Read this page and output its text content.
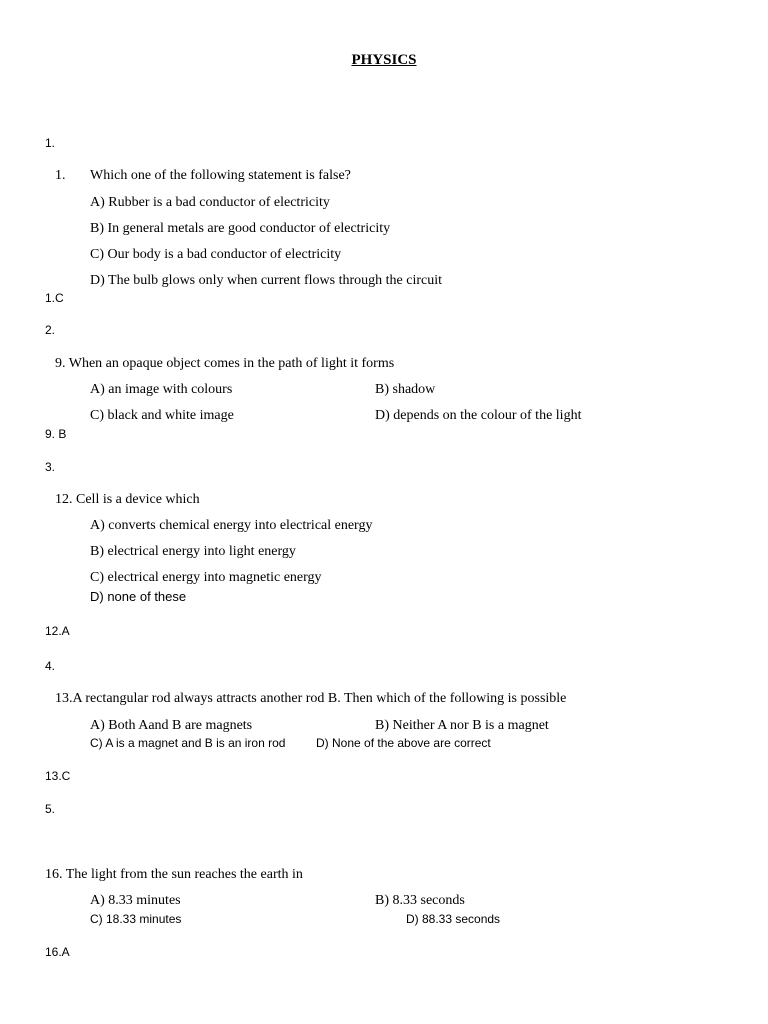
PHYSICS
1.
1. Which one of the following statement is false?
A) Rubber is a bad conductor of electricity
B) In general metals are good conductor of electricity
C) Our body is a bad conductor of electricity
D) The bulb glows only when current flows through the circuit
1.C
2.
9. When an opaque object comes in the path of light it forms
A) an image with colours	B) shadow
C) black and white image	D) depends on the colour of the light
9. B
3.
12. Cell is a device which
A) converts chemical energy into electrical energy
B) electrical energy into light energy
C) electrical energy into magnetic energy
D) none of these
12.A
4.
13.A rectangular rod always attracts another rod B. Then which of the following is possible
A) Both Aand B are magnets	B) Neither A nor B is a magnet
C) A is a magnet and B is an iron rod	D) None of the above are correct
13.C
5.
16. The light from the sun reaches the earth in
A) 8.33 minutes	B) 8.33 seconds
C) 18.33 minutes	D) 88.33 seconds
16.A
